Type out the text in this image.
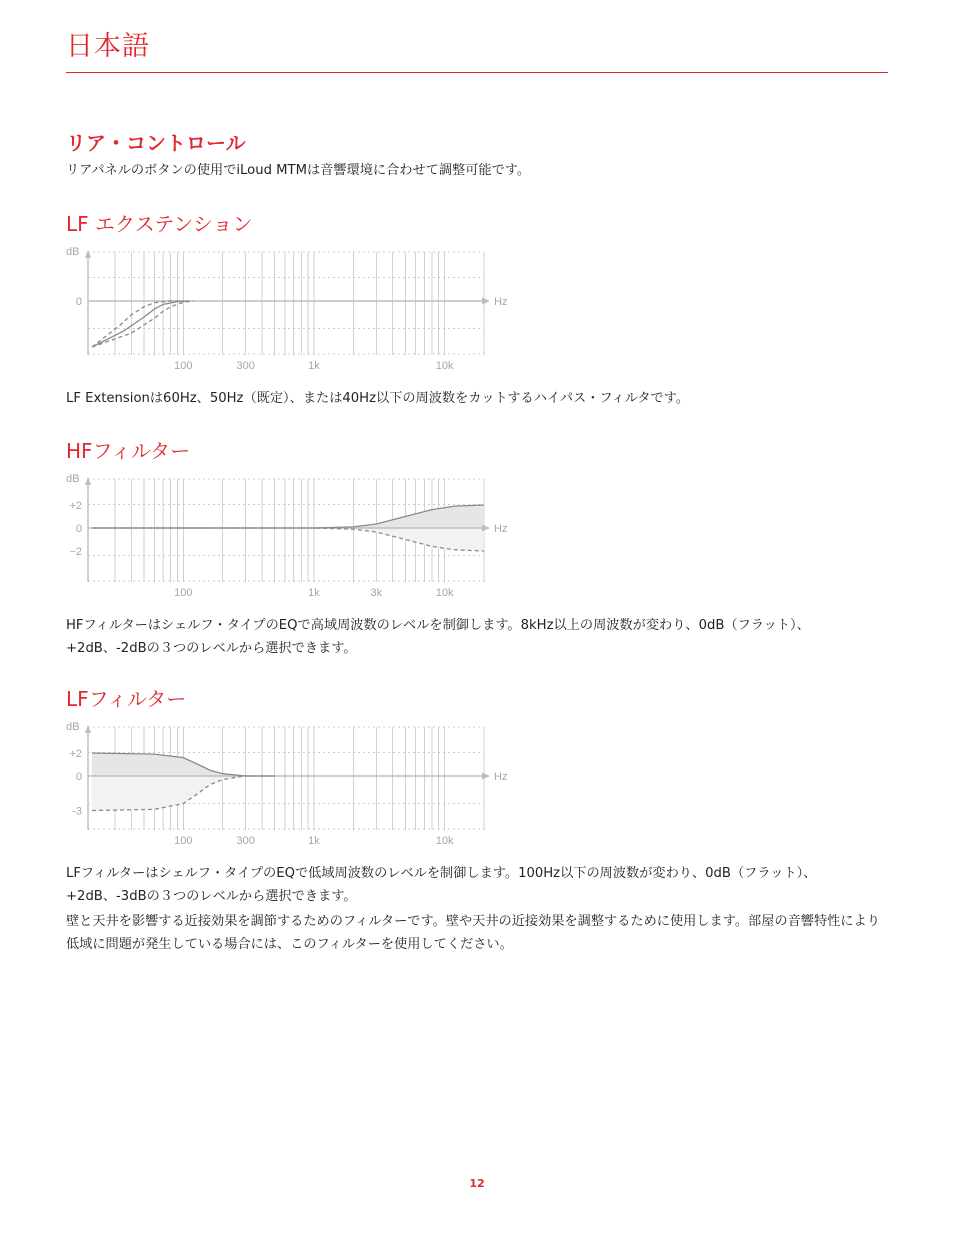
日本語
リア・コントロール
リアパネルのボタンの使用でiLoud MTMは音響環境に合わせて調整可能です。
LF エクステンション
dB
Hz
0
100	300	1k	10k
LF Extensionは60Hz、50Hz（既定）、または40Hz以下の周波数をカットするハイパス・フィルタです。
HFフィルター
dB
Hz
+2
0
−2
100	1k	3k	10k
HFフィルターはシェルフ・タイプのEQで高域周波数のレベルを制御します。8kHz以上の周波数が変わり、0dB（フラット）、+2dB、-2dBの３つのレベルから選択できます。
LFフィルター
dB
Hz
+2
0
-3
100	300	1k	10k
LFフィルターはシェルフ・タイプのEQで低域周波数のレベルを制御します。100Hz以下の周波数が変わり、0dB（フラット）、+2dB、-3dBの３つのレベルから選択できます。
壁と天井を影響する近接効果を調節するためのフィルターです。壁や天井の近接効果を調整するために使用します。部屋の音響特性により低域に問題が発生している場合には、このフィルターを使用してください。
12
